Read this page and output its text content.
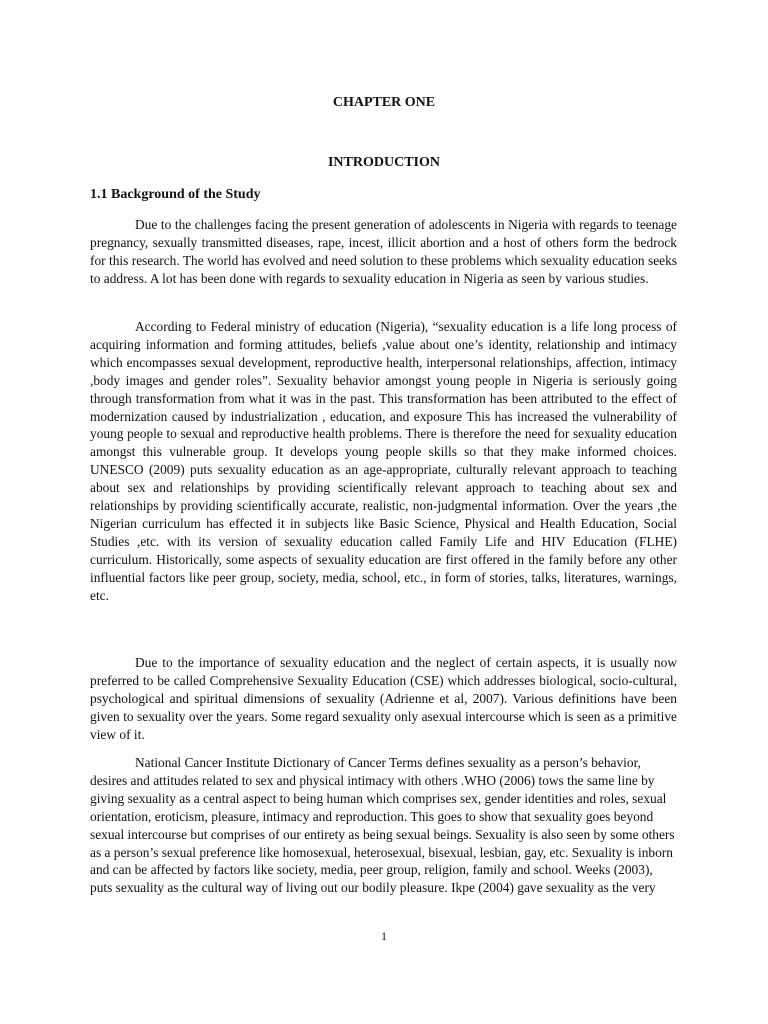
CHAPTER ONE
INTRODUCTION
1.1 Background of the Study

Due to the challenges facing the present generation of adolescents in Nigeria with regards to teenage pregnancy, sexually transmitted diseases, rape, incest, illicit abortion and a host of others form the bedrock for this research. The world has evolved and need solution to these problems which sexuality education seeks to address. A lot has been done with regards to sexuality education in Nigeria as seen by various studies.

According to Federal ministry of education (Nigeria), “sexuality education is a life long process of acquiring information and forming attitudes, beliefs ,value about one’s identity, relationship and intimacy which encompasses sexual development, reproductive health, interpersonal relationships, affection, intimacy ,body images and gender roles”. Sexuality behavior amongst young people in Nigeria is seriously going through transformation from what it was in the past. This transformation has been attributed to the effect of modernization caused by industrialization , education, and exposure This has increased the vulnerability of young people to sexual and reproductive health problems. There is therefore the need for sexuality education amongst this vulnerable group. It develops young people skills so that they make informed choices. UNESCO (2009) puts sexuality education as an age-appropriate, culturally relevant approach to teaching about sex and relationships by providing scientifically relevant approach to teaching about sex and relationships by providing scientifically accurate, realistic, non-judgmental information. Over the years ,the Nigerian curriculum has effected it in subjects like Basic Science, Physical and Health Education, Social Studies ,etc. with its version of sexuality education called Family Life and HIV Education (FLHE) curriculum. Historically, some aspects of sexuality education are first offered in the family before any other influential factors like peer group, society, media, school, etc., in form of stories, talks, literatures, warnings, etc.

Due to the importance of sexuality education and the neglect of certain aspects, it is usually now preferred to be called Comprehensive Sexuality Education (CSE) which addresses biological, socio-cultural, psychological and spiritual dimensions of sexuality (Adrienne et al, 2007). Various definitions have been given to sexuality over the years. Some regard sexuality only asexual intercourse which is seen as a primitive view of it.

National Cancer Institute Dictionary of Cancer Terms defines sexuality as a person’s behavior, desires and attitudes related to sex and physical intimacy with others .WHO (2006) tows the same line by giving sexuality as a central aspect to being human which comprises sex, gender identities and roles, sexual orientation, eroticism, pleasure, intimacy and reproduction. This goes to show that sexuality goes beyond sexual intercourse but comprises of our entirety as being sexual beings. Sexuality is also seen by some others as a person’s sexual preference like homosexual, heterosexual, bisexual, lesbian, gay, etc. Sexuality is inborn and can be affected by factors like society, media, peer group, religion, family and school. Weeks (2003), puts sexuality as the cultural way of living out our bodily pleasure. Ikpe (2004) gave sexuality as the very

1
